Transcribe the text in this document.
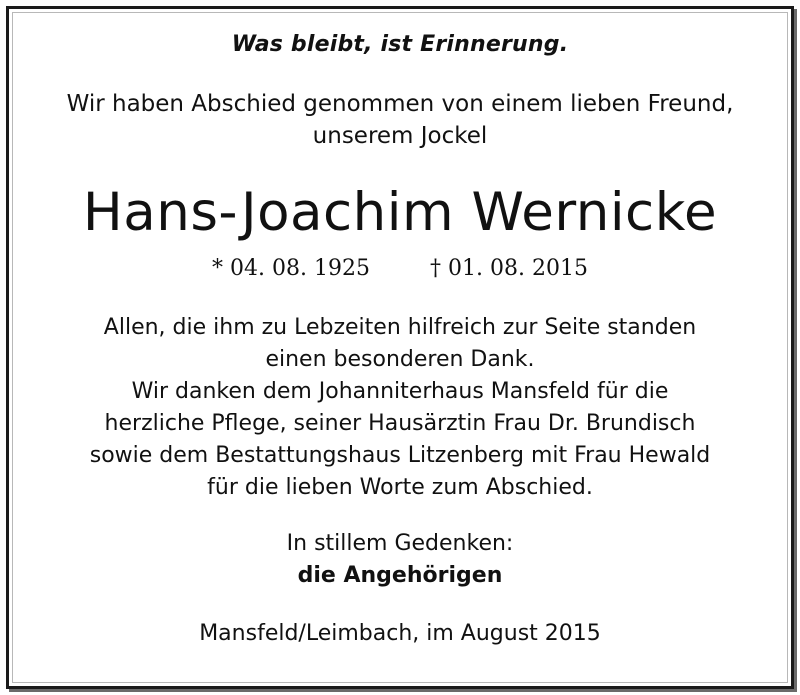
Was bleibt, ist Erinnerung.
Wir haben Abschied genommen von einem lieben Freund,
unserem Jockel
Hans-Joachim Wernicke
* 04. 08. 1925	† 01. 08. 2015
Allen, die ihm zu Lebzeiten hilfreich zur Seite standen
einen besonderen Dank.
Wir danken dem Johanniterhaus Mansfeld für die
herzliche Pflege, seiner Hausärztin Frau Dr. Brundisch
sowie dem Bestattungshaus Litzenberg mit Frau Hewald
für die lieben Worte zum Abschied.
In stillem Gedenken:
die Angehörigen
Mansfeld/Leimbach, im August 2015
